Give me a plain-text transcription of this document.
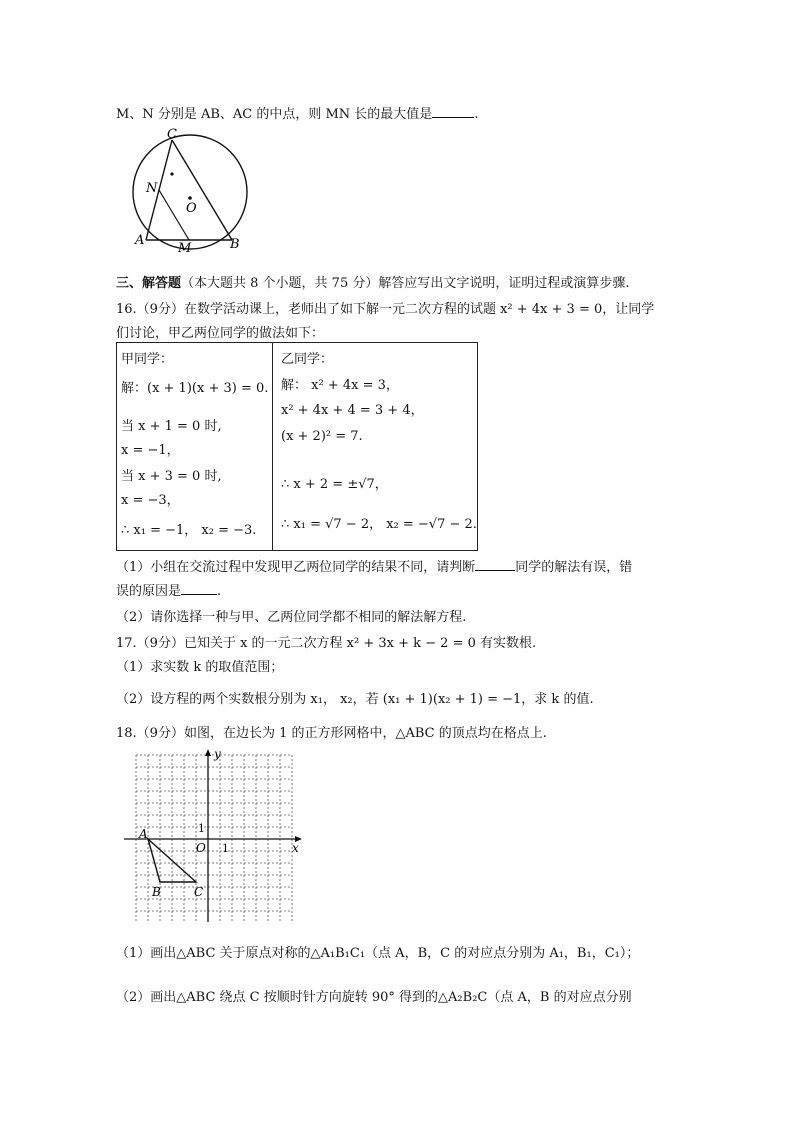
M、N 分别是 AB、AC 的中点，则 MN 长的最大值是	.
C
N
O
A
M	B
三、解答题（本大题共 8 个小题，共 75 分）解答应写出文字说明，证明过程或演算步骤.
16.（9分）在数学活动课上，老师出了如下解一元二次方程的试题 x² + 4x + 3 = 0，让同学
们讨论，甲乙两位同学的做法如下：
甲同学：
解：(x + 1)(x + 3) = 0.
当 x + 1 = 0 时,
x = −1，
当 x + 3 = 0 时,
x = −3，
∴ x₁ = −1， x₂ = −3.

乙同学：
解： x² + 4x = 3，
x² + 4x + 4 = 3 + 4，
(x + 2)² = 7.
∴ x + 2 = ±√7，
∴ x₁ = √7 − 2， x₂ = −√7 − 2.
（1）小组在交流过程中发现甲乙两位同学的结果不同，请判断	同学的解法有误，错
误的原因是	.
（2）请你选择一种与甲、乙两位同学都不相同的解法解方程.
17.（9分）已知关于 x 的一元二次方程 x² + 3x + k − 2 = 0 有实数根.
（1）求实数 k 的取值范围；
（2）设方程的两个实数根分别为 x₁， x₂，若 (x₁ + 1)(x₂ + 1) = −1，求 k 的值.
18.（9分）如图，在边长为 1 的正方形网格中，△ABC 的顶点均在格点上.
y
x
1
1
O
A
B	C
（1）画出△ABC 关于原点对称的△A₁B₁C₁（点 A，B，C 的对应点分别为 A₁，B₁，C₁）；
（2）画出△ABC 绕点 C 按顺时针方向旋转 90° 得到的△A₂B₂C（点 A，B 的对应点分别
